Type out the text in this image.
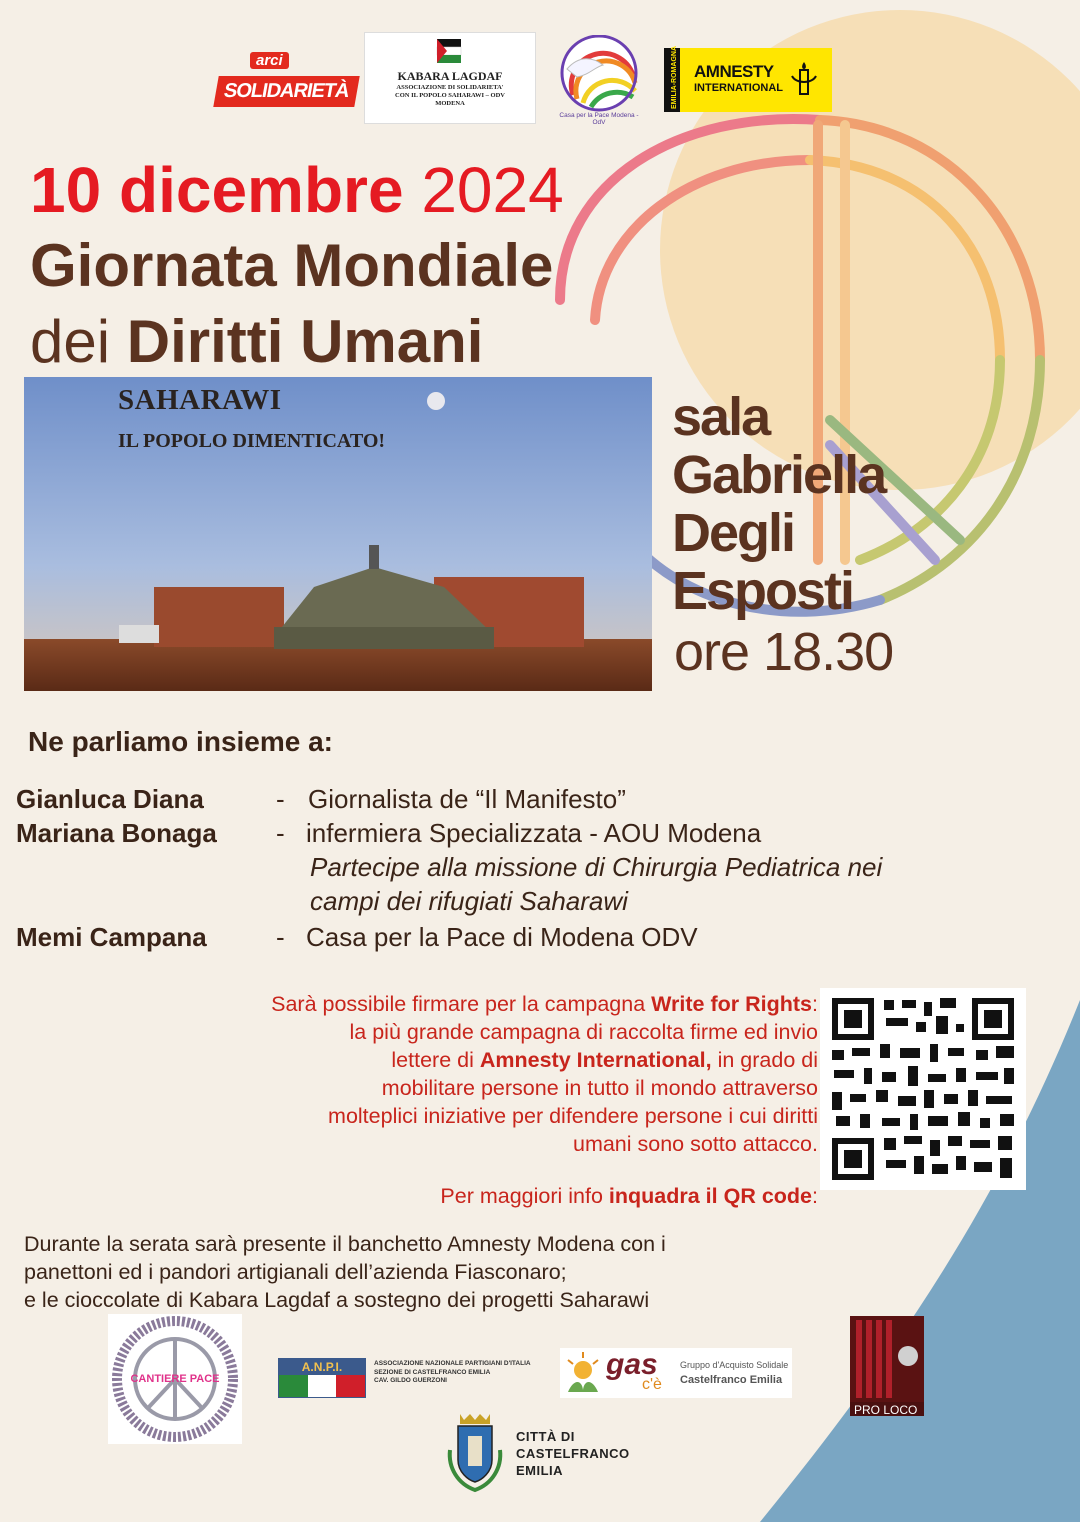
arci
SOLIDARIETÀ
KABARA LAGDAF
ASSOCIAZIONE DI SOLIDARIETA'
CON IL POPOLO SAHARAWI – ODV
MODENA
Casa per la Pace Modena - OdV
EMILIA-ROMAGNA AMNESTY
INTERNATIONAL
10 dicembre 2024
Giornata Mondiale
dei Diritti Umani
SAHARAWI
IL POPOLO DIMENTICATO!	sala
Gabriella
Degli
Esposti
ore 18.30
Ne parliamo insieme a:
Gianluca Diana	- Giornalista de “Il Manifesto”
Mariana Bonaga - infermiera Specializzata - AOU Modena
Partecipe alla missione di Chirurgia Pediatrica nei
campi dei rifugiati Saharawi
Memi Campana	- Casa per la Pace di Modena ODV
Sarà possibile firmare per la campagna Write for Rights:
la più grande campagna di raccolta firme ed invio
lettere di Amnesty International, in grado di
mobilitare persone in tutto il mondo attraverso
molteplici iniziative per difendere persone i cui diritti
umani sono sotto attacco.
Per maggiori info inquadra il QR code:
Durante la serata sarà presente il banchetto Amnesty Modena con i
panettoni ed i pandori artigianali dell’azienda Fiasconaro;
e le cioccolate di Kabara Lagdaf a sostegno dei progetti Saharawi
CANTIERE PACE
A.N.P.I.	ASSOCIAZIONE NAZIONALE PARTIGIANI D'ITALIA
SEZIONE DI CASTELFRANCO EMILIA
CAV. GILDO GUERZONI	gas
c'è
Gruppo d'Acquisto Solidale
Castelfranco Emilia
PRO LOCO
CITTÀ DI
CASTELFRANCO
EMILIA
